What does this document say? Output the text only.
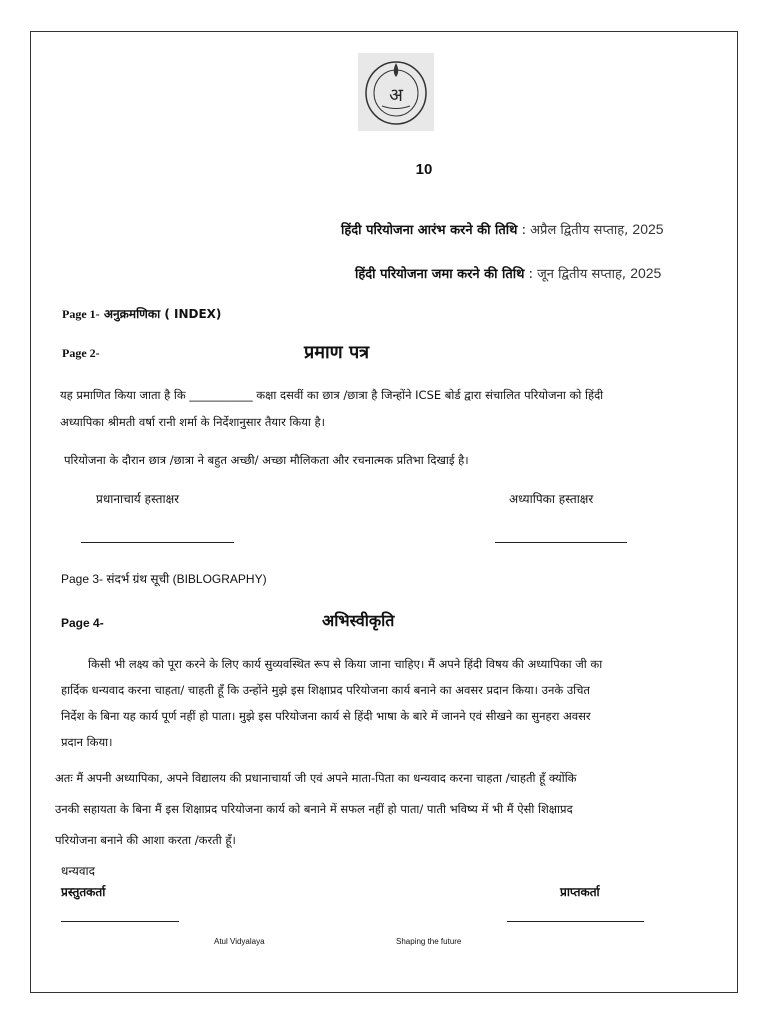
अ
10
हिंदी परियोजना आरंभ करने की तिथि : अप्रैल द्वितीय सप्ताह, 2025
हिंदी परियोजना जमा करने की तिथि : जून द्वितीय सप्ताह, 2025
Page 1- अनुक्रमणिका ( INDEX)
Page 2-	प्रमाण पत्र
यह प्रमाणित किया जाता है कि ___________ कक्षा दसवीं का छात्र /छात्रा है जिन्होंने ICSE बोर्ड द्वारा संचालित परियोजना को हिंदी
अध्यापिका श्रीमती वर्षा रानी शर्मा के निर्देशानुसार तैयार किया है।
परियोजना के दौरान छात्र /छात्रा ने बहुत अच्छी/ अच्छा मौलिकता और रचनात्मक प्रतिभा दिखाई है।
प्रधानाचार्य हस्ताक्षर	अध्यापिका हस्ताक्षर
Page 3- संदर्भ ग्रंथ सूची (BIBLOGRAPHY)
Page 4-	अभिस्वीकृति
किसी भी लक्ष्य को पूरा करने के लिए कार्य सुव्यवस्थित रूप से किया जाना चाहिए। मैं अपने हिंदी विषय की अध्यापिका जी का
हार्दिक धन्यवाद करना चाहता/ चाहती हूँ कि उन्होंने मुझे इस शिक्षाप्रद परियोजना कार्य बनाने का अवसर प्रदान किया। उनके उचित
निर्देश के बिना यह कार्य पूर्ण नहीं हो पाता। मुझे इस परियोजना कार्य से हिंदी भाषा के बारे में जानने एवं सीखने का सुनहरा अवसर
प्रदान किया।
अतः मैं अपनी अध्यापिका, अपने विद्यालय की प्रधानाचार्या जी एवं अपने माता-पिता का धन्यवाद करना चाहता /चाहती हूँ क्योंकि
उनकी सहायता के बिना मैं इस शिक्षाप्रद परियोजना कार्य को बनाने में सफल नहीं हो पाता/ पाती भविष्य में भी मैं ऐसी शिक्षाप्रद
परियोजना बनाने की आशा करता /करती हूँ।
धन्यवाद
प्रस्तुतकर्ता	प्राप्तकर्ता
Atul Vidyalaya	Shaping the future
